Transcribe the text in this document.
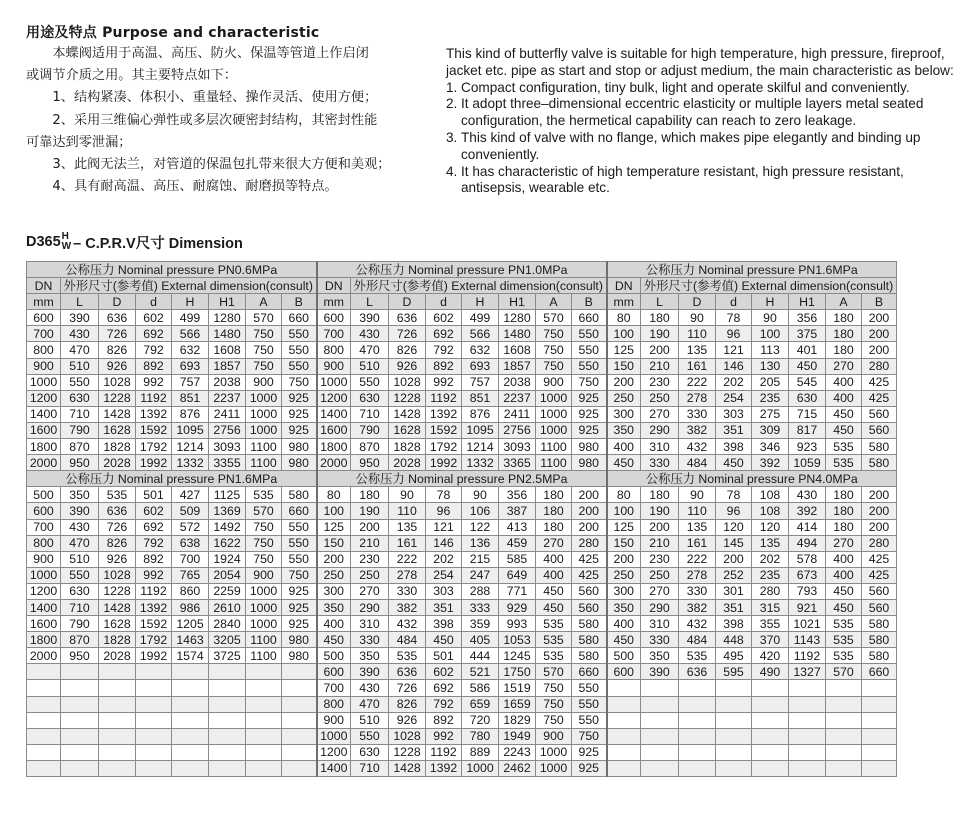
用途及特点 Purpose and characteristic

　　本蝶阀适用于高温、高压、防火、保温等管道上作启闭

或调节介质之用。其主要特点如下：

　　1、结构紧凑、体积小、重量轻、操作灵活、使用方便；

　　2、采用三维偏心弹性或多层次硬密封结构，其密封性能

可靠达到零泄漏；

　　3、此阀无法兰，对管道的保温包扎带来很大方便和美观；

　　4、具有耐高温、高压、耐腐蚀、耐磨损等特点。

This kind of butterfly valve is suitable for high temperature, high pressure, fireproof,

jacket etc. pipe as start and stop or adjust medium, the main characteristic as below:

1. Compact configuration, tiny bulk, light and operate skilful and conveniently.
2. It adopt three–dimensional eccentric elasticity or multiple layers metal seated
configuration, the hermetical capability can reach to zero leakage.
3. This kind of valve with no flange, which makes pipe elegantly and binding up
conveniently.
4. It has characteristic of high temperature resistant, high pressure resistant,
antisepsis, wearable etc.
D365 H
W – C.P.R.V尺寸 Dimension
公称压力 Nominal pressure PN0.6MPa								公称压力 Nominal pressure PN1.0MPa								公称压力 Nominal pressure PN1.6MPa							
DN	外形尺寸(参考值) External dimension(consult)							DN	外形尺寸(参考值) External dimension(consult)							DN	外形尺寸(参考值) External dimension(consult)						
mm	L	D	d	H	H1	A	B	mm	L	D	d	H	H1	A	B	mm	L	D	d	H	H1	A	B
600	390	636	602	499	1280	570	660	600	390	636	602	499	1280	570	660	80	180	90	78	90	356	180	200
700	430	726	692	566	1480	750	550	700	430	726	692	566	1480	750	550	100	190	110	96	100	375	180	200
800	470	826	792	632	1608	750	550	800	470	826	792	632	1608	750	550	125	200	135	121	113	401	180	200
900	510	926	892	693	1857	750	550	900	510	926	892	693	1857	750	550	150	210	161	146	130	450	270	280
1000	550	1028	992	757	2038	900	750	1000	550	1028	992	757	2038	900	750	200	230	222	202	205	545	400	425
1200	630	1228	1192	851	2237	1000	925	1200	630	1228	1192	851	2237	1000	925	250	250	278	254	235	630	400	425
1400	710	1428	1392	876	2411	1000	925	1400	710	1428	1392	876	2411	1000	925	300	270	330	303	275	715	450	560
1600	790	1628	1592	1095	2756	1000	925	1600	790	1628	1592	1095	2756	1000	925	350	290	382	351	309	817	450	560
1800	870	1828	1792	1214	3093	1100	980	1800	870	1828	1792	1214	3093	1100	980	400	310	432	398	346	923	535	580
2000	950	2028	1992	1332	3355	1100	980	2000	950	2028	1992	1332	3365	1100	980	450	330	484	450	392	1059	535	580
公称压力 Nominal pressure PN1.6MPa								公称压力 Nominal pressure PN2.5MPa								公称压力 Nominal pressure PN4.0MPa							
500	350	535	501	427	1125	535	580	80	180	90	78	90	356	180	200	80	180	90	78	108	430	180	200
600	390	636	602	509	1369	570	660	100	190	110	96	106	387	180	200	100	190	110	96	108	392	180	200
700	430	726	692	572	1492	750	550	125	200	135	121	122	413	180	200	125	200	135	120	120	414	180	200
800	470	826	792	638	1622	750	550	150	210	161	146	136	459	270	280	150	210	161	145	135	494	270	280
900	510	926	892	700	1924	750	550	200	230	222	202	215	585	400	425	200	230	222	200	202	578	400	425
1000	550	1028	992	765	2054	900	750	250	250	278	254	247	649	400	425	250	250	278	252	235	673	400	425
1200	630	1228	1192	860	2259	1000	925	300	270	330	303	288	771	450	560	300	270	330	301	280	793	450	560
1400	710	1428	1392	986	2610	1000	925	350	290	382	351	333	929	450	560	350	290	382	351	315	921	450	560
1600	790	1628	1592	1205	2840	1000	925	400	310	432	398	359	993	535	580	400	310	432	398	355	1021	535	580
1800	870	1828	1792	1463	3205	1100	980	450	330	484	450	405	1053	535	580	450	330	484	448	370	1143	535	580
2000	950	2028	1992	1574	3725	1100	980	500	350	535	501	444	1245	535	580	500	350	535	495	420	1192	535	580
								600	390	636	602	521	1750	570	660	600	390	636	595	490	1327	570	660
								700	430	726	692	586	1519	750	550								
								800	470	826	792	659	1659	750	550								
								900	510	926	892	720	1829	750	550								
								1000	550	1028	992	780	1949	900	750								
								1200	630	1228	1192	889	2243	1000	925								
								1400	710	1428	1392	1000	2462	1000	925								
